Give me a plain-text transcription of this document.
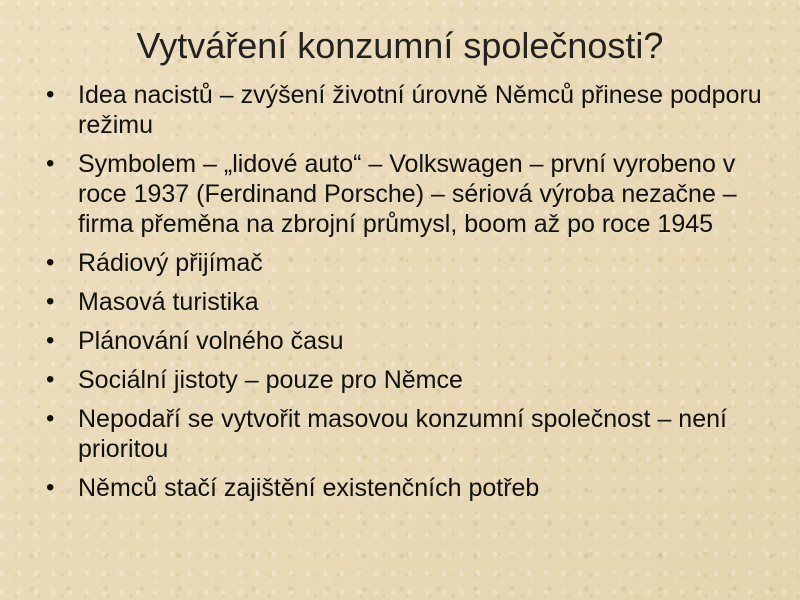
Vytváření konzumní společnosti?
• Idea nacistů – zvýšení životní úrovně Němců přinese podporu režimu
• Symbolem – „lidové auto“ – Volkswagen – první vyrobeno v roce 1937 (Ferdinand Porsche) – sériová výroba nezačne – firma přeměna na zbrojní průmysl, boom až po roce 1945
• Rádiový přijímač
• Masová turistika
• Plánování volného času
• Sociální jistoty – pouze pro Němce
• Nepodaří se vytvořit masovou konzumní společnost – není prioritou
• Němců stačí zajištění existenčních potřeb
